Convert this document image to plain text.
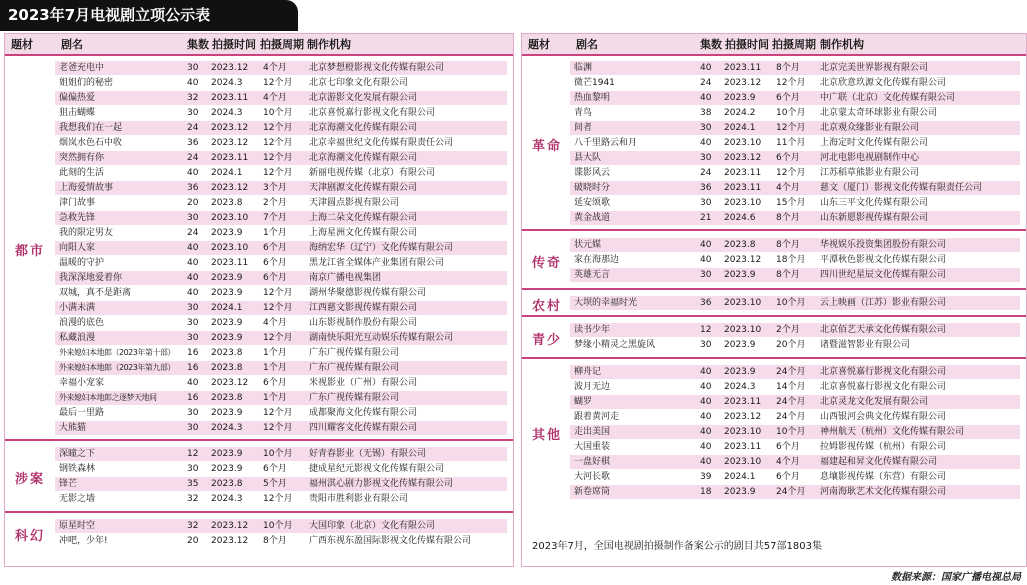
2023年7月电视剧立项公示表
题材	剧名	集数 拍摄时间 拍摄周期 制作机构
都市
老爸充电中	30 2023.12 4个月 北京梦想橙影视文化传媒有限公司
姐姐们的秘密	40 2024.3 12个月 北京七印象文化有限公司
偏偏热爱	32 2023.11 4个月 北京游影文化发展有限公司
狙击蝴蝶	30 2024.3 10个月 北京喜悦嘉行影视文化有限公司
我想我们在一起	24 2023.12 12个月 北京海潮文化传媒有限公司
烟岚水色石中收	36 2023.12 12个月 北京幸福世纪文化传媒有限责任公司
突然拥有你	24 2023.11 12个月 北京海潮文化传媒有限公司
此刻的生活	40 2024.1 12个月 新丽电视传媒（北京）有限公司
上海爱情故事	36 2023.12 3个月 天津剧源文化传媒有限公司
津门故事	20 2023.8 2个月 天津圆点影视有限公司
急救先锋	30 2023.10 7个月 上海二朵文化传媒有限公司
我的限定男友	24 2023.9 1个月 上海星洲文化传媒有限公司
向阳人家	40 2023.10 6个月 海纳宏华（辽宁）文化传媒有限公司
温暖的守护	40 2023.11 6个月 黑龙江省全媒体产业集团有限公司
我深深地爱着你	40 2023.9 6个月 南京广播电视集团
双城，真不是距离	40 2023.9 12个月 湖州华聚德影视传媒有限公司
小满未满	30 2024.1 12个月 江西慈文影视传媒有限公司
浪漫的底色	30 2023.9 4个月 山东影视制作股份有限公司
私藏浪漫	30 2023.9 12个月 湖南快乐阳光互动娱乐传媒有限公司
外来媳妇本地郎（2023年第十部） 16 2023.8 1个月 广东广视传媒有限公司
外来媳妇本地郎（2023年第九部） 16 2023.8 1个月 广东广视传媒有限公司
幸福小宠家	40 2023.12 6个月 米视影业（广州）有限公司
外来媳妇本地郎之逐梦天地间	16 2023.8 1个月 广东广视传媒有限公司
最后一里路	30 2023.9 12个月 成都聚海文化传媒有限公司
大熊猫	30 2024.3 12个月 四川耀客文化传媒有限公司
涉案
深瞳之下	12 2023.9 10个月 好青春影业（无锡）有限公司
钢铁森林	30 2023.9 6个月 捷成星纪元影视文化传媒有限公司
锋芒	35 2023.8 5个月 福州淇心剧力影视文化传媒有限公司
无影之墙	32 2024.3 12个月 贵阳市胜利影业有限公司
科幻
原星时空	32 2023.12 10个月 大国印象（北京）文化有限公司
冲吧，少年!	20 2023.12 8个月 广西东视东盈国际影视文化传媒有限公司
题材 剧名	集数 拍摄时间 拍摄周期 制作机构
革命
临渊	40 2023.11 8个月 北京完美世界影视有限公司
微芒1941	24 2023.12 12个月 北京欣意玖源文化传媒有限公司
热血黎明	40 2023.9 6个月 中广联（北京）文化传媒有限公司
青鸟	38 2024.2 10个月 北京蒙太奇环球影业有限公司
间者	30 2024.1 12个月 北京观众缘影业有限公司
八千里路云和月	40 2023.10 11个月 上海定时文化传媒有限公司
县大队	30 2023.12 6个月 河北电影电视剧制作中心
谍影风云	24 2023.11 12个月 江苏稻草熊影业有限公司
破晓时分	36 2023.11 4个月 慈文（厦门）影视文化传媒有限责任公司
延安颂歌	30 2023.10 15个月 山东三平文化传媒有限公司
黄金战道	21 2024.6 8个月 山东新愿影视传媒有限公司
传奇
状元媒	40 2023.8 8个月 华视娱乐投资集团股份有限公司
家在海那边	40 2023.12 18个月 平潭秋色影视文化传媒有限公司
英雄无言	30 2023.9 8个月 四川世纪星辰文化传媒有限公司
农村	大坝的幸福时光	36 2023.10 10个月 云上映画（江苏）影业有限公司
青少
读书少年	12 2023.10 2个月 北京佰艺天承文化传媒有限公司
梦缘小精灵之黑旋风	30 2023.9 20个月 诸暨滋智影业有限公司
其他
柳舟记	40 2023.9 24个月 北京喜悦嘉行影视文化有限公司
波月无边	40 2024.3 14个月 北京喜悦嘉行影视文化有限公司
蝴罗	40 2023.11 24个月 北京灵龙文化发展有限公司
跟着黄河走	40 2023.12 24个月 山西银河会典文化传媒有限公司
走出美国	40 2023.10 10个月 神州航天（杭州）文化传媒有限公司
大国重装	40 2023.11 6个月 拉姆影视传媒（杭州）有限公司
一盘好棋	40 2023.10 4个月 福建起和昇文化传媒有限公司
大河长歌	39 2024.1 6个月 息壤影视传媒（东营）有限公司
新卷席筒	18 2023.9 24个月 河南海耿艺术文化传媒有限公司
2023年7月，全国电视剧拍摄制作备案公示的剧目共57部1803集
数据来源：国家广播电视总局
